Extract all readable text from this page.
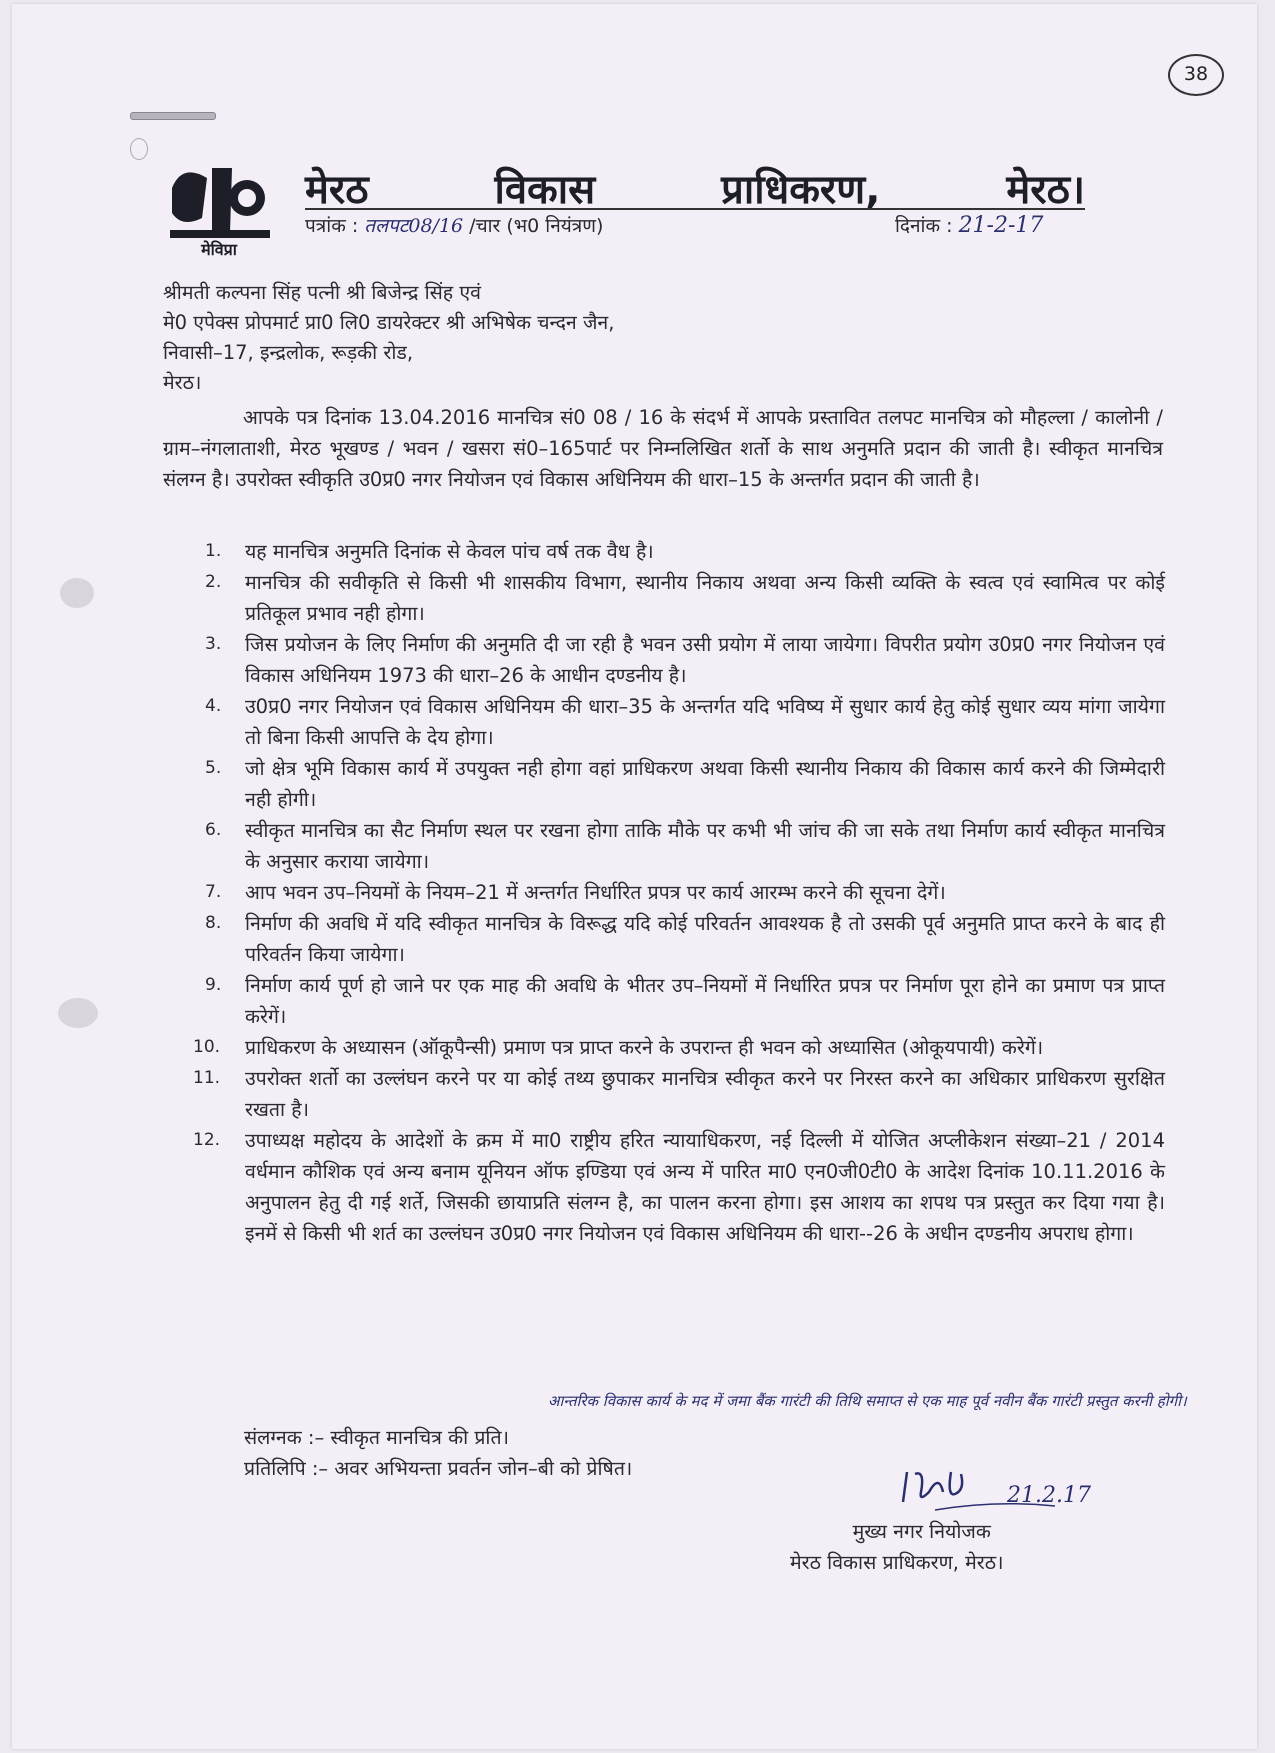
38
मेविप्रा
मेरठ	विकास	प्राधिकरण,	मेरठ।
पत्रांक : तलपट08/16 /चार (भ0 नियंत्रण)	दिनांक : 21-2-17
श्रीमती कल्पना सिंह पत्नी श्री बिजेन्द्र सिंह एवं
मे0 एपेक्स प्रोपमार्ट प्रा0 लि0 डायरेक्टर श्री अभिषेक चन्दन जैन,
निवासी–17, इन्द्रलोक, रूड़की रोड,
मेरठ।
आपके पत्र दिनांक 13.04.2016 मानचित्र सं0 08 / 16 के संदर्भ में आपके प्रस्तावित तलपट मानचित्र को मौहल्ला / कालोनी / ग्राम–नंगलाताशी, मेरठ भूखण्ड / भवन / खसरा सं0–165पार्ट पर निम्नलिखित शर्तो के साथ अनुमति प्रदान की जाती है। स्वीकृत मानचित्र संलग्न है। उपरोक्त स्वीकृति उ0प्र0 नगर नियोजन एवं विकास अधिनियम की धारा–15 के अन्तर्गत प्रदान की जाती है।
1.	यह मानचित्र अनुमति दिनांक से केवल पांच वर्ष तक वैध है।
2.	मानचित्र की सवीकृति से किसी भी शासकीय विभाग, स्थानीय निकाय अथवा अन्य किसी व्यक्ति के स्वत्व एवं स्वामित्व पर कोई प्रतिकूल प्रभाव नही होगा।
3.	जिस प्रयोजन के लिए निर्माण की अनुमति दी जा रही है भवन उसी प्रयोग में लाया जायेगा। विपरीत प्रयोग उ0प्र0 नगर नियोजन एवं विकास अधिनियम 1973 की धारा–26 के आधीन दण्डनीय है।
4.	उ0प्र0 नगर नियोजन एवं विकास अधिनियम की धारा–35 के अन्तर्गत यदि भविष्य में सुधार कार्य हेतु कोई सुधार व्यय मांगा जायेगा तो बिना किसी आपत्ति के देय होगा।
5.	जो क्षेत्र भूमि विकास कार्य में उपयुक्त नही होगा वहां प्राधिकरण अथवा किसी स्थानीय निकाय की विकास कार्य करने की जिम्मेदारी नही होगी।
6.	स्वीकृत मानचित्र का सैट निर्माण स्थल पर रखना होगा ताकि मौके पर कभी भी जांच की जा सके तथा निर्माण कार्य स्वीकृत मानचित्र के अनुसार कराया जायेगा।
7.	आप भवन उप–नियमों के नियम–21 में अन्तर्गत निर्धारित प्रपत्र पर कार्य आरम्भ करने की सूचना देगें।
8.	निर्माण की अवधि में यदि स्वीकृत मानचित्र के विरूद्ध यदि कोई परिवर्तन आवश्यक है तो उसकी पूर्व अनुमति प्राप्त करने के बाद ही परिवर्तन किया जायेगा।
9.	निर्माण कार्य पूर्ण हो जाने पर एक माह की अवधि के भीतर उप–नियमों में निर्धारित प्रपत्र पर निर्माण पूरा होने का प्रमाण पत्र प्राप्त करेगें।
10.	प्राधिकरण के अध्यासन (ऑकूपैन्सी) प्रमाण पत्र प्राप्त करने के उपरान्त ही भवन को अध्यासित (ओकूयपायी) करेगें।
11.	उपरोक्त शर्तो का उल्लंघन करने पर या कोई तथ्य छुपाकर मानचित्र स्वीकृत करने पर निरस्त करने का अधिकार प्राधिकरण सुरक्षित रखता है।
12.	उपाध्यक्ष महोदय के आदेशों के क्रम में मा0 राष्ट्रीय हरित न्यायाधिकरण, नई दिल्ली में योजित अप्लीकेशन संख्या–21 / 2014 वर्धमान कौशिक एवं अन्य बनाम यूनियन ऑफ इण्डिया एवं अन्य में पारित मा0 एन0जी0टी0 के आदेश दिनांक 10.11.2016 के अनुपालन हेतु दी गई शर्ते, जिसकी छायाप्रति संलग्न है, का पालन करना होगा। इस आशय का शपथ पत्र प्रस्तुत कर दिया गया है। इनमें से किसी भी शर्त का उल्लंघन उ0प्र0 नगर नियोजन एवं विकास अधिनियम की धारा--26 के अधीन दण्डनीय अपराध होगा।
आन्तरिक विकास कार्य के मद में जमा बैंक गारंटी की तिथि समाप्त से एक माह पूर्व नवीन बैंक गारंटी प्रस्तुत करनी होगी।
संलग्नक :– स्वीकृत मानचित्र की प्रति।
प्रतिलिपि :– अवर अभियन्ता प्रवर्तन जोन–बी को प्रेषित।
21.2.17
मुख्य नगर नियोजक
मेरठ विकास प्राधिकरण, मेरठ।
